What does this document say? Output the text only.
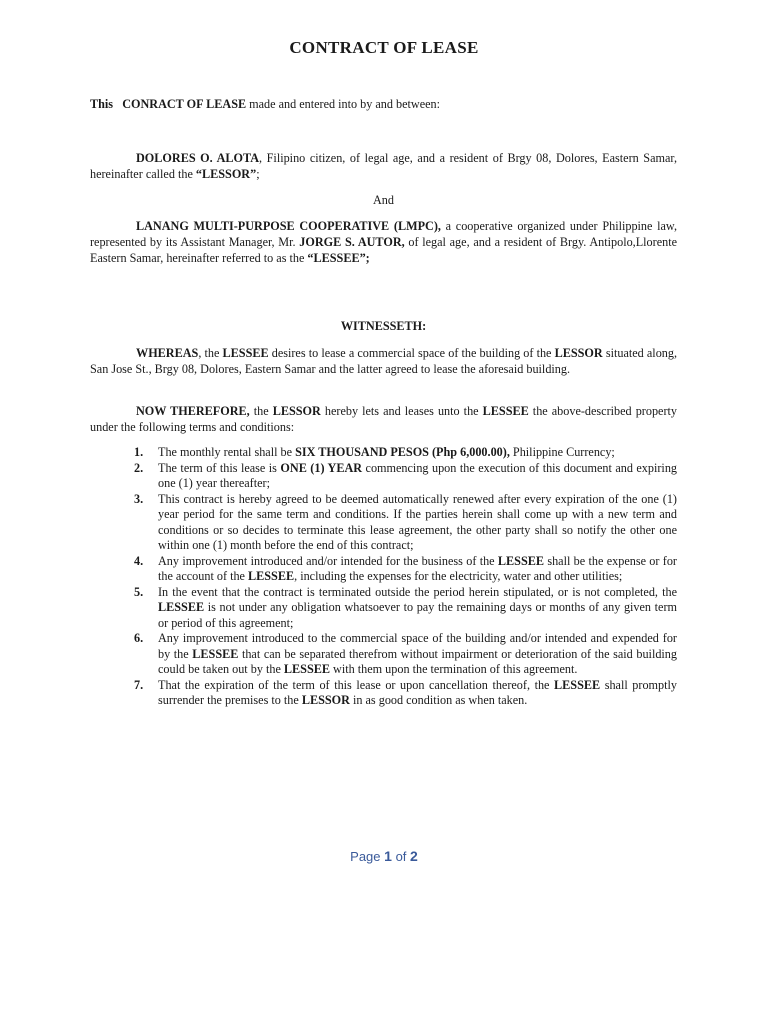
CONTRACT OF LEASE

This CONRACT OF LEASE made and entered into by and between:

DOLORES O. ALOTA, Filipino citizen, of legal age, and a resident of Brgy 08, Dolores, Eastern Samar, hereinafter called the “LESSOR”;

And

LANANG MULTI-PURPOSE COOPERATIVE (LMPC), a cooperative organized under Philippine law, represented by its Assistant Manager, Mr. JORGE S. AUTOR, of legal age, and a resident of Brgy. Antipolo,Llorente Eastern Samar, hereinafter referred to as the “LESSEE”;

WITNESSETH:

WHEREAS, the LESSEE desires to lease a commercial space of the building of the LESSOR situated along, San Jose St., Brgy 08, Dolores, Eastern Samar and the latter agreed to lease the aforesaid building.

NOW THEREFORE, the LESSOR hereby lets and leases unto the LESSEE the above-described property under the following terms and conditions:

1. The monthly rental shall be SIX THOUSAND PESOS (Php 6,000.00), Philippine Currency;
2. The term of this lease is ONE (1) YEAR commencing upon the execution of this document and expiring one (1) year thereafter;
3. This contract is hereby agreed to be deemed automatically renewed after every expiration of the one (1) year period for the same term and conditions. If the parties herein shall come up with a new term and conditions or so decides to terminate this lease agreement, the other party shall so notify the other one within one (1) month before the end of this contract;
4. Any improvement introduced and/or intended for the business of the LESSEE shall be the expense or for the account of the LESSEE, including the expenses for the electricity, water and other utilities;
5. In the event that the contract is terminated outside the period herein stipulated, or is not completed, the LESSEE is not under any obligation whatsoever to pay the remaining days or months of any given term or period of this agreement;
6. Any improvement introduced to the commercial space of the building and/or intended and expended for by the LESSEE that can be separated therefrom without impairment or deterioration of the said building could be taken out by the LESSEE with them upon the termination of this agreement.
7. That the expiration of the term of this lease or upon cancellation thereof, the LESSEE shall promptly surrender the premises to the LESSOR in as good condition as when taken.
Page 1 of 2
